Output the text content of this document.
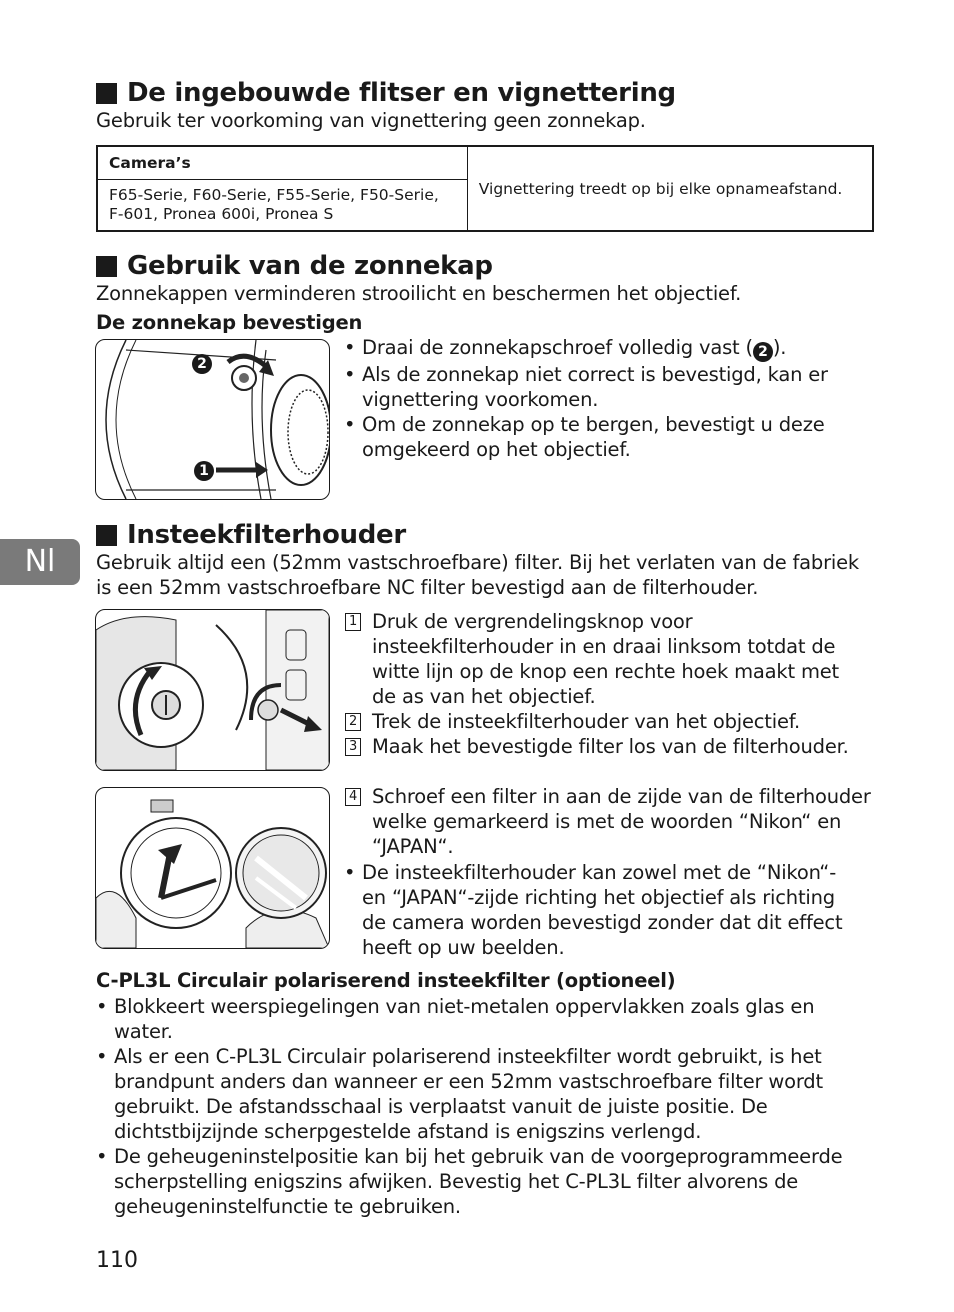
De ingebouwde flitser en vignettering
Gebruik ter voorkoming van vignettering geen zonnekap.
Camera’s	Vignettering treedt op bij elke opnameafstand.

F65-Serie, F60-Serie, F55-Serie, F50-Serie,
F-601, Pronea 600i, Pronea S
Gebruik van de zonnekap
Zonnekappen verminderen strooilicht en beschermen het objectief.
De zonnekap bevestigen
2
1
• Draai de zonnekapschroef volledig vast ( 2 ).
• Als de zonnekap niet correct is bevestigd, kan er vignettering voorkomen.
• Om de zonnekap op te bergen, bevestigt u deze omgekeerd op het objectief.
Nl
Insteekfilterhouder
Gebruik altijd een (52mm vastschroefbare) filter. Bij het verlaten van de fabriek is een 52mm vastschroefbare NC filter bevestigd aan de filterhouder.
1 Druk de vergrendelingsknop voor insteekfilterhouder in en draai linksom totdat de witte lijn op de knop een rechte hoek maakt met de as van het objectief.
2 Trek de insteekfilterhouder van het objectief.
3 Maak het bevestigde filter los van de filterhouder.
4 Schroef een filter in aan de zijde van de filterhouder welke gemarkeerd is met de woorden “Nikon“ en “JAPAN“.
• De insteekfilterhouder kan zowel met de “Nikon“- en “JAPAN“-zijde richting het objectief als richting de camera worden bevestigd zonder dat dit effect heeft op uw beelden.
C-PL3L Circulair polariserend insteekfilter (optioneel)
• Blokkeert weerspiegelingen van niet-metalen oppervlakken zoals glas en water.
• Als er een C-PL3L Circulair polariserend insteekfilter wordt gebruikt, is het brandpunt anders dan wanneer er een 52mm vastschroefbare filter wordt gebruikt. De afstandsschaal is verplaatst vanuit de juiste positie. De dichtstbijzijnde scherpgestelde afstand is enigszins verlengd.
• De geheugeninstelpositie kan bij het gebruik van de voorgeprogrammeerde scherpstelling enigszins afwijken. Bevestig het C-PL3L filter alvorens de geheugeninstelfunctie te gebruiken.
110
